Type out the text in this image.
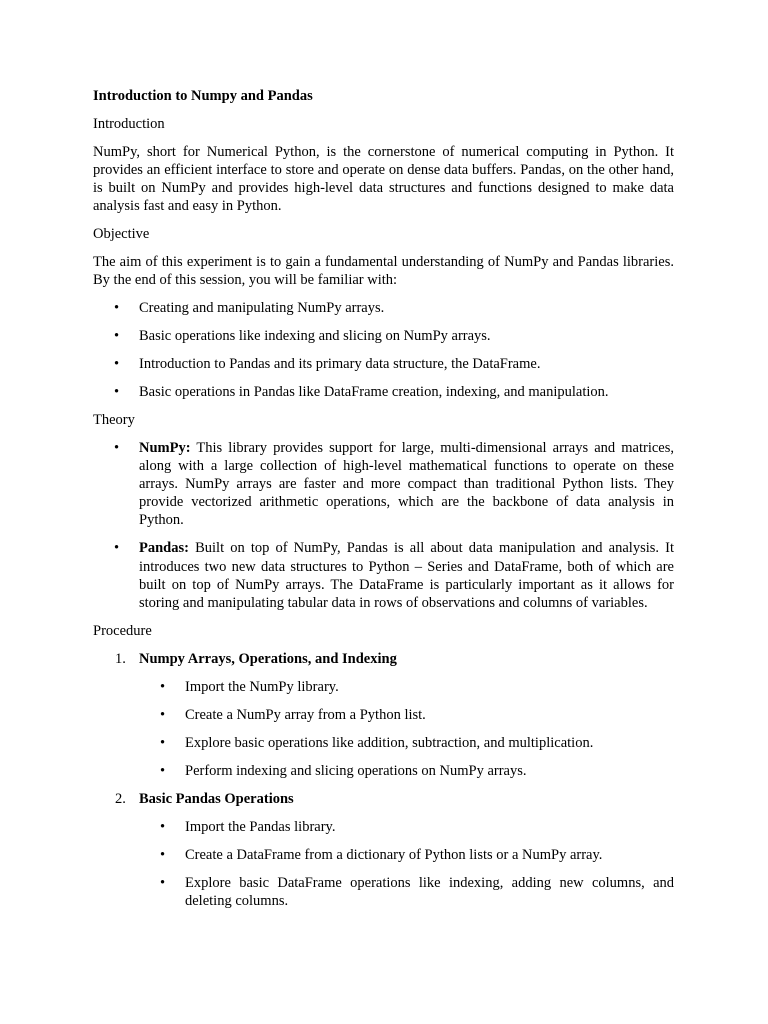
Introduction to Numpy and Pandas

Introduction

NumPy, short for Numerical Python, is the cornerstone of numerical computing in Python. It provides an efficient interface to store and operate on dense data buffers. Pandas, on the other hand, is built on NumPy and provides high-level data structures and functions designed to make data analysis fast and easy in Python.

Objective

The aim of this experiment is to gain a fundamental understanding of NumPy and Pandas libraries. By the end of this session, you will be familiar with:

• Creating and manipulating NumPy arrays.
• Basic operations like indexing and slicing on NumPy arrays.
• Introduction to Pandas and its primary data structure, the DataFrame.
• Basic operations in Pandas like DataFrame creation, indexing, and manipulation.

Theory

• NumPy: This library provides support for large, multi-dimensional arrays and matrices, along with a large collection of high-level mathematical functions to operate on these arrays. NumPy arrays are faster and more compact than traditional Python lists. They provide vectorized arithmetic operations, which are the backbone of data analysis in Python.
• Pandas: Built on top of NumPy, Pandas is all about data manipulation and analysis. It introduces two new data structures to Python – Series and DataFrame, both of which are built on top of NumPy arrays. The DataFrame is particularly important as it allows for storing and manipulating tabular data in rows of observations and columns of variables.

Procedure

1. Numpy Arrays, Operations, and Indexing
• Import the NumPy library.
• Create a NumPy array from a Python list.
• Explore basic operations like addition, subtraction, and multiplication.
• Perform indexing and slicing operations on NumPy arrays.
2. Basic Pandas Operations
• Import the Pandas library.
• Create a DataFrame from a dictionary of Python lists or a NumPy array.
• Explore basic DataFrame operations like indexing, adding new columns, and deleting columns.
